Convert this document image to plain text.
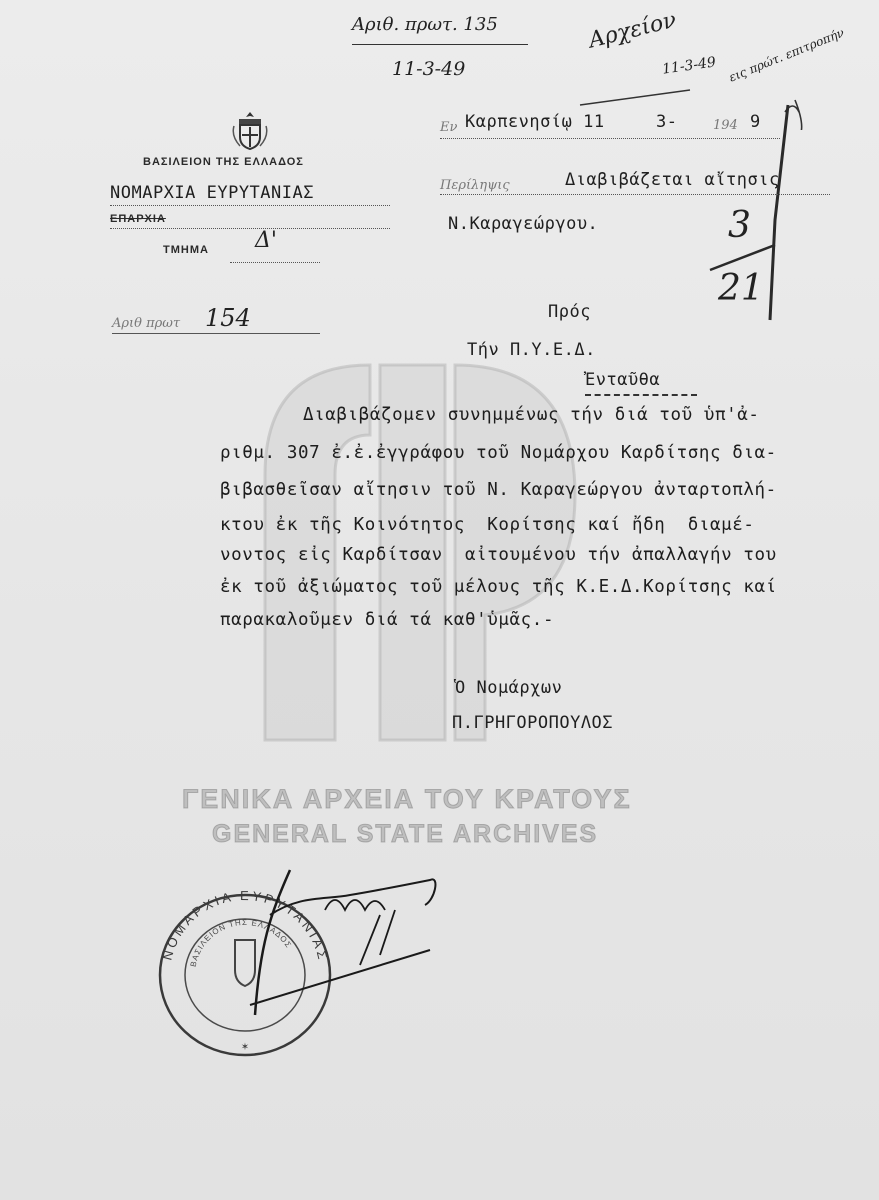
ΓΕΝΙΚΑ ΑΡΧΕΙΑ ΤΟΥ ΚΡΑΤΟΥΣ
GENERAL STATE ARCHIVES
Αριθ. πρωτ. 135
11-3-49
Αρχείον
11-3-49 εις πρώτ. επιτροπήν
3
21
ΒΑΣΙΛΕΙΟΝ ΤΗΣ ΕΛΛΑΔΟΣ
ΝΟΜΑΡΧΙΑ ΕΥΡΥΤΑΝΙΑΣ
ΕΠΑΡΧΙΑ
ΤΜΗΜΑ Δ'
Αριθ πρωτ 154
Εν Καρπενησίῳ 11	3-	194 9
Περίληψις	Διαβιβάζεται αἴτησις
Ν.Καραγεώργου.
Πρός
Τήν Π.Υ.Ε.Δ.
Ἐνταῦθα
Διαβιβάζομεν συνημμένως τήν διά τοῦ ὑπ'ἀ-
ριθμ. 307 ἐ.ἐ.ἐγγράφου τοῦ Νομάρχου Καρδίτσης δια-
βιβασθεῖσαν αἴτησιν τοῦ Ν. Καραγεώργου ἀνταρτοπλή-
κτου ἐκ τῆς Κοινότητος  Κορίτσης καί ἤδη  διαμέ-
νοντος εἰς Καρδίτσαν  αἰτουμένου τήν ἀπαλλαγήν του
ἐκ τοῦ ἀξιώματος τοῦ μέλους τῆς Κ.Ε.Δ.Κορίτσης καί
παρακαλοῦμεν διά τά καθ'ὑμᾶς.-
Ὁ Νομάρχων
Π.ΓΡΗΓΟΡΟΠΟΥΛΟΣ
ΝΟΜΑΡΧΙΑ ΕΥΡΥΤΑΝΙΑΣ
ΒΑΣΙΛΕΙΟΝ ΤΗΣ ΕΛΛΑΔΟΣ
✶
